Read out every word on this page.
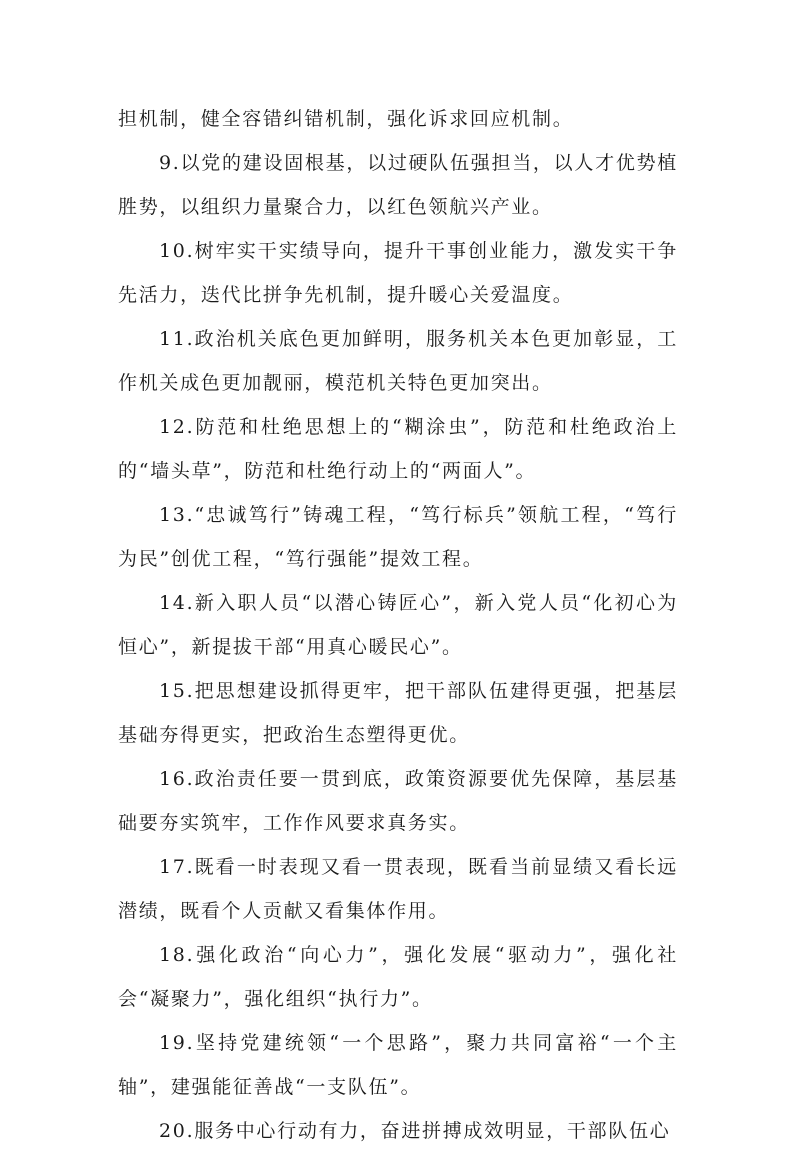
担机制，健全容错纠错机制，强化诉求回应机制。

9.以党的建设固根基，以过硬队伍强担当，以人才优势植胜势，以组织力量聚合力，以红色领航兴产业。

10.树牢实干实绩导向，提升干事创业能力，激发实干争先活力，迭代比拼争先机制，提升暖心关爱温度。

11.政治机关底色更加鲜明，服务机关本色更加彰显，工作机关成色更加靓丽，模范机关特色更加突出。

12.防范和杜绝思想上的“糊涂虫”，防范和杜绝政治上的“墙头草”，防范和杜绝行动上的“两面人”。

13.“忠诚笃行”铸魂工程，“笃行标兵”领航工程，“笃行为民”创优工程，“笃行强能”提效工程。

14.新入职人员“以潜心铸匠心”，新入党人员“化初心为恒心”，新提拔干部“用真心暖民心”。

15.把思想建设抓得更牢，把干部队伍建得更强，把基层基础夯得更实，把政治生态塑得更优。

16.政治责任要一贯到底，政策资源要优先保障，基层基础要夯实筑牢，工作作风要求真务实。

17.既看一时表现又看一贯表现，既看当前显绩又看长远潜绩，既看个人贡献又看集体作用。

18.强化政治“向心力”，强化发展“驱动力”，强化社会“凝聚力”，强化组织“执行力”。

19.坚持党建统领“一个思路”，聚力共同富裕“一个主轴”，建强能征善战“一支队伍”。

20.服务中心行动有力，奋进拼搏成效明显，干部队伍心
